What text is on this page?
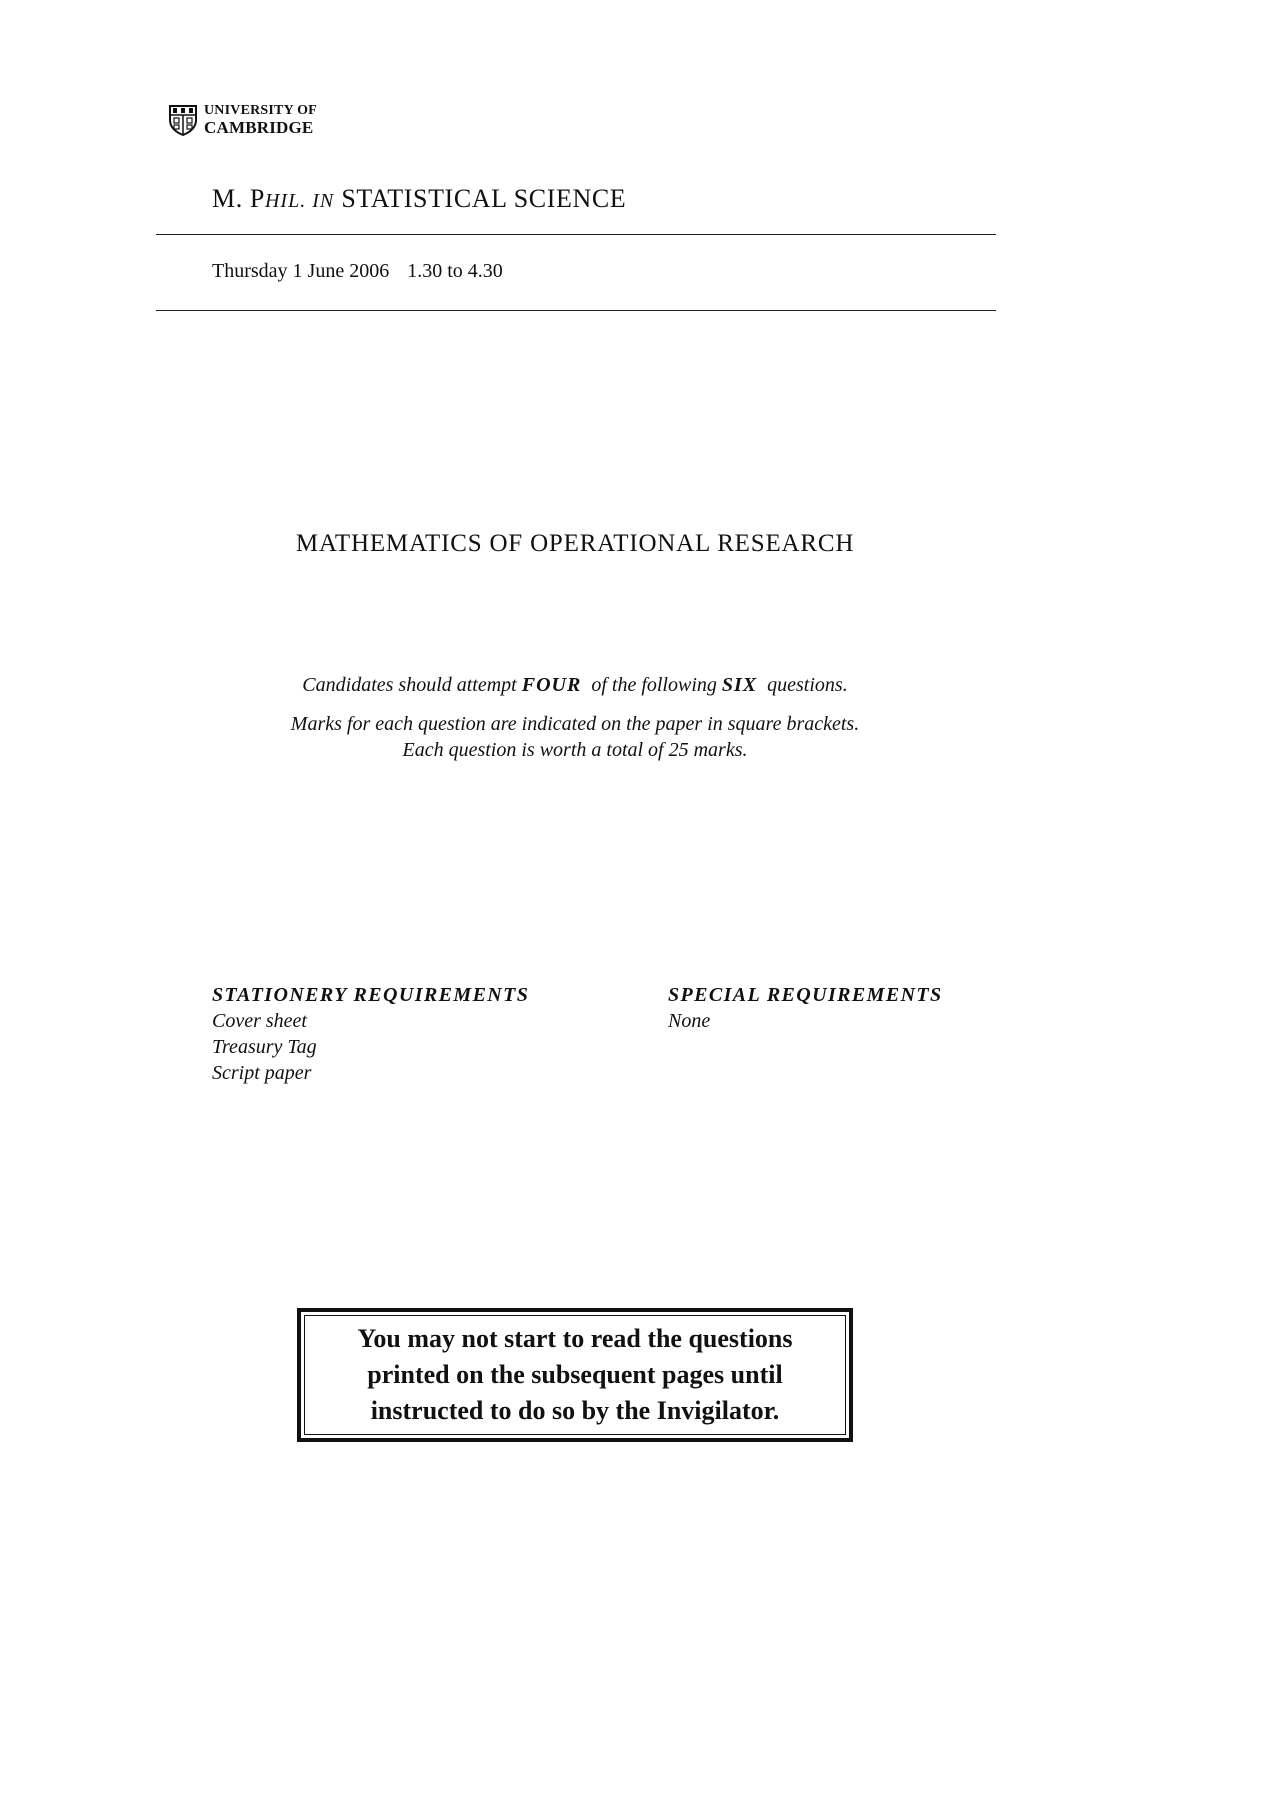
UNIVERSITY OF
CAMBRIDGE
M. PHIL. IN STATISTICAL SCIENCE
Thursday 1 June 2006 1.30 to 4.30
MATHEMATICS OF OPERATIONAL RESEARCH
Candidates should attempt FOUR  of the following SIX  questions.
Marks for each question are indicated on the paper in square brackets.
Each question is worth a total of 25 marks.
STATIONERY REQUIREMENTS
Cover sheet
Treasury Tag
Script paper
SPECIAL REQUIREMENTS
None
You may not start to read the questions
printed on the subsequent pages until
instructed to do so by the Invigilator.
